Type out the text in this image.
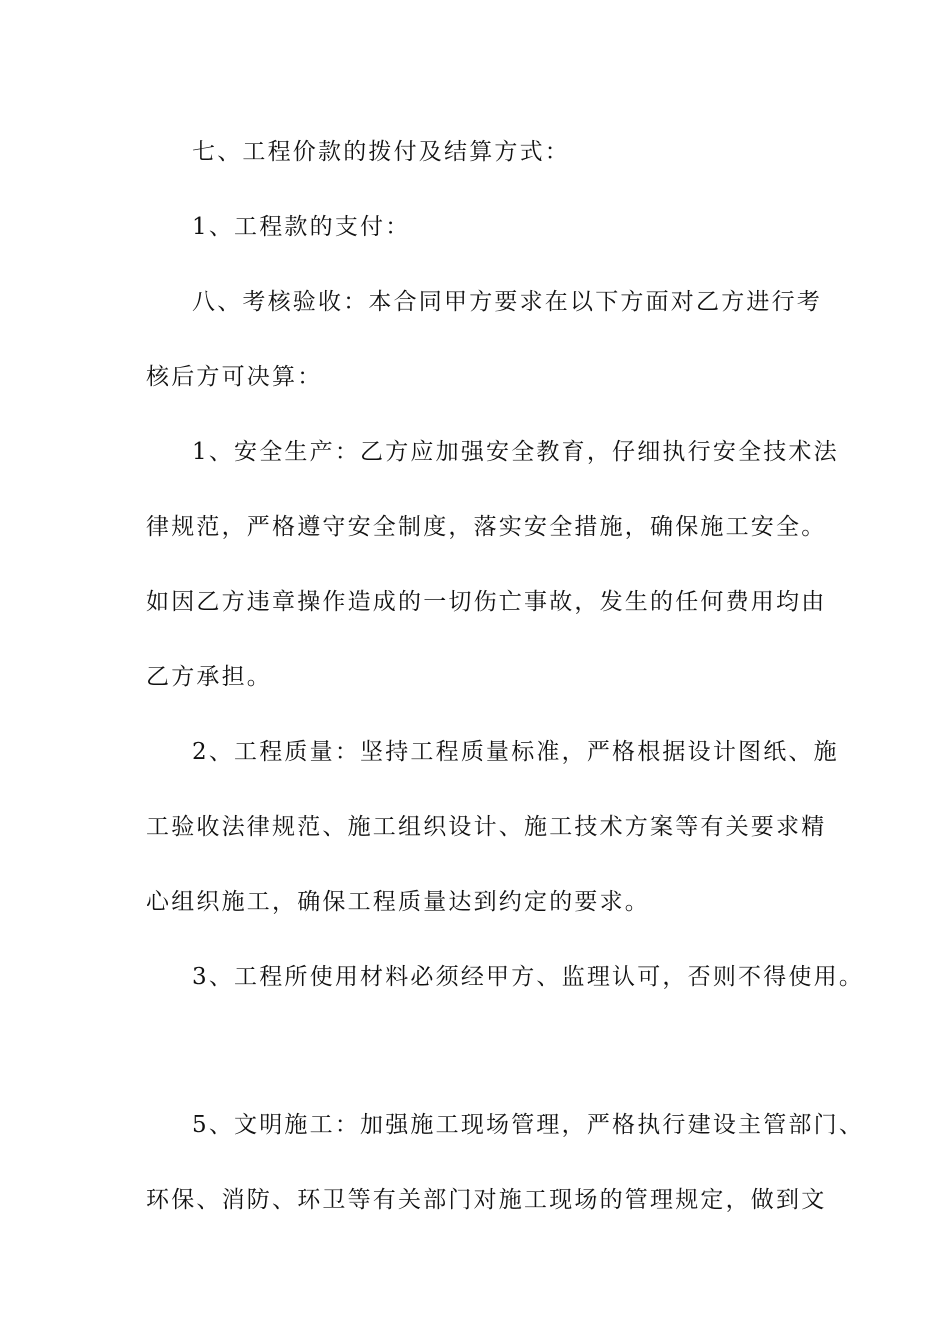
七、工程价款的拨付及结算方式：
1、工程款的支付：
八、考核验收：本合同甲方要求在以下方面对乙方进行考
核后方可决算：
1、安全生产：乙方应加强安全教育，仔细执行安全技术法
律规范，严格遵守安全制度，落实安全措施，确保施工安全。
如因乙方违章操作造成的一切伤亡事故，发生的任何费用均由
乙方承担。
2、工程质量：坚持工程质量标准，严格根据设计图纸、施
工验收法律规范、施工组织设计、施工技术方案等有关要求精
心组织施工，确保工程质量达到约定的要求。
3、工程所使用材料必须经甲方、监理认可，否则不得使用。
5、文明施工：加强施工现场管理，严格执行建设主管部门、
环保、消防、环卫等有关部门对施工现场的管理规定，做到文
